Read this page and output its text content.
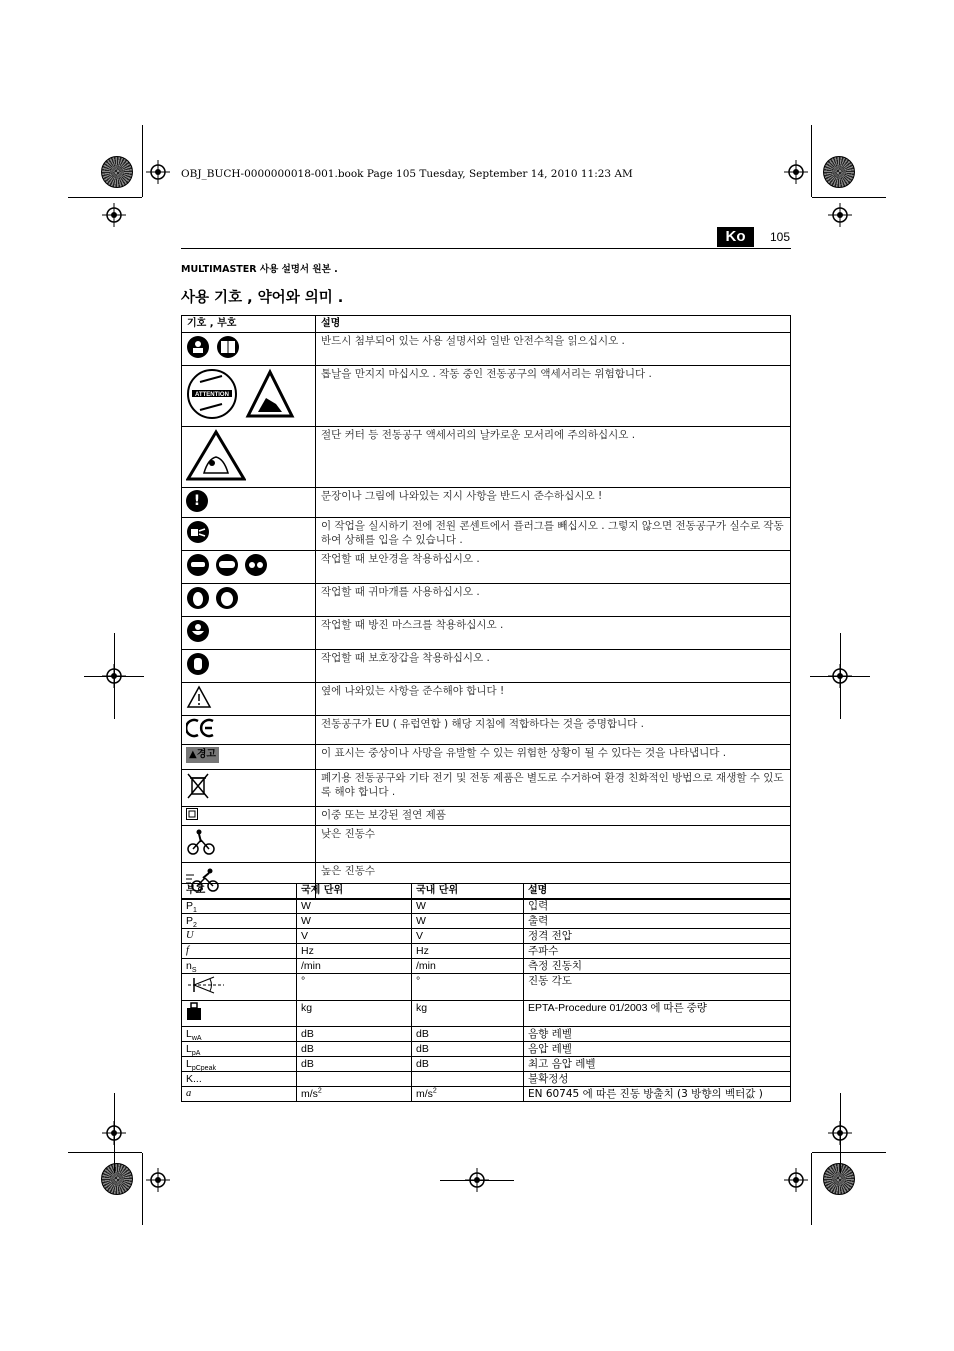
OBJ_BUCH-0000000018-001.book Page 105 Tuesday, September 14, 2010 11:23 AM
Ko	105
MULTIMASTER 사용 설명서 원본 .
사용 기호 , 약어와 의미 .
기호 , 부호	설명
	반드시 첨부되어 있는 사용 설명서와 일반 안전수칙을 읽으십시오 .

ATTENTION	톱날을 만지지 마십시오 . 작동 중인 전동공구의 액세서리는 위험합니다 .
	절단 커터 등 전동공구 액세서리의 날카로운 모서리에 주의하십시오 .
!	문장이나 그림에 나와있는 지시 사항을 반드시 준수하십시오 !
	이 작업을 실시하기 전에 전원 콘센트에서 플러그를 빼십시오 . 그렇지 않으면 전동공구가 실수로 작동하여 상해를 입을 수 있습니다 .
	작업할 때 보안경을 착용하십시오 .
	작업할 때 귀마개를 사용하십시오 .
	작업할 때 방진 마스크를 착용하십시오 .
	작업할 때 보호장갑을 착용하십시오 .
	옆에 나와있는 사항을 준수해야 합니다 !
	전동공구가 EU ( 유럽연합 ) 해당 지침에 적합하다는 것을 증명합니다 .
▲경고	이 표시는 중상이나 사망을 유발할 수 있는 위험한 상황이 될 수 있다는 것을 나타냅니다 .
	폐기용 전동공구와 기타 전기 및 전동 제품은 별도로 수거하여 환경 친화적인 방법으로 재생할 수 있도록 해야 합니다 .
	이중 또는 보강된 절연 제품
	낮은 진동수
	높은 진동수
부호	국제 단위	국내 단위	설명
$P_1$	W	W	입력
$P_2$	W	W	출력
U	V	V	정격 전압
f	Hz	Hz	주파수
$n_S$	/min	/min	측정 진동치
	°	°	진동 각도
	kg	kg	EPTA-Procedure 01/2003 에 따른 중량
$L_{wA}$	dB	dB	음향 레벨
$L_{pA}$	dB	dB	음압 레벨
$L_{pCpeak}$	dB	dB	최고 음압 레벨
K...			불확정성
a	$m/s^2$	$m/s^2$	EN 60745 에 따른 진동 방출치 (3 방향의 벡터값 )
